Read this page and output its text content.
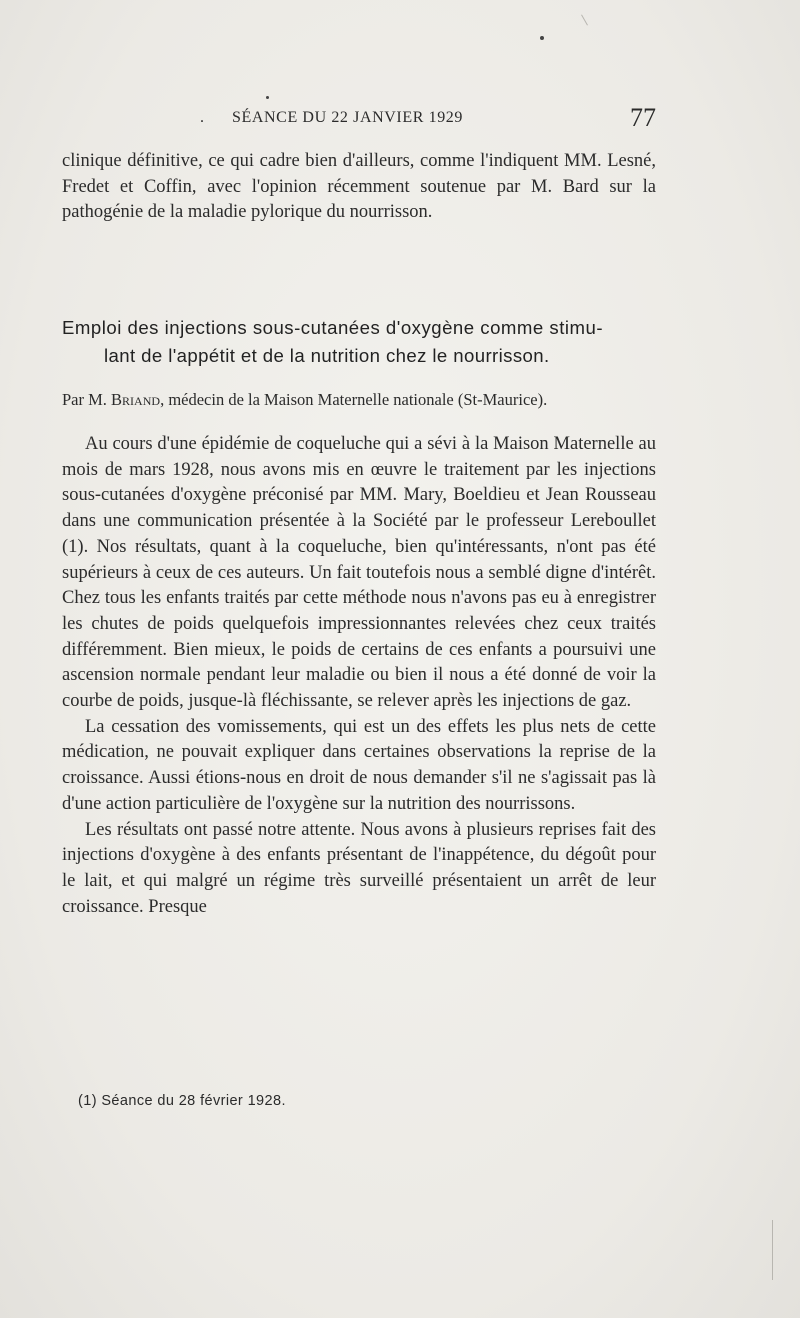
. SÉANCE DU 22 JANVIER 1929	77

clinique définitive, ce qui cadre bien d'ailleurs, comme l'indiquent MM. Lesné, Fredet et Coffin, avec l'opinion récemment soutenue par M. Bard sur la pathogénie de la maladie pylorique du nourrisson.

Emploi des injections sous-cutanées d'oxygène comme stimu-
lant de l'appétit et de la nutrition chez le nourrisson.
Par M. Briand, médecin de la Maison Maternelle nationale (St-Maurice).

Au cours d'une épidémie de coqueluche qui a sévi à la Maison Maternelle au mois de mars 1928, nous avons mis en œuvre le traitement par les injections sous-cutanées d'oxygène préconisé par MM. Mary, Boeldieu et Jean Rousseau dans une communication présentée à la Société par le professeur Lereboullet (1). Nos résultats, quant à la coqueluche, bien qu'intéressants, n'ont pas été supérieurs à ceux de ces auteurs. Un fait toutefois nous a semblé digne d'intérêt. Chez tous les enfants traités par cette méthode nous n'avons pas eu à enregistrer les chutes de poids quelquefois impressionnantes relevées chez ceux traités différemment. Bien mieux, le poids de certains de ces enfants a poursuivi une ascension normale pendant leur maladie ou bien il nous a été donné de voir la courbe de poids, jusque-là fléchissante, se relever après les injections de gaz.

La cessation des vomissements, qui est un des effets les plus nets de cette médication, ne pouvait expliquer dans certaines observations la reprise de la croissance. Aussi étions-nous en droit de nous demander s'il ne s'agissait pas là d'une action particulière de l'oxygène sur la nutrition des nourrissons.

Les résultats ont passé notre attente. Nous avons à plusieurs reprises fait des injections d'oxygène à des enfants présentant de l'inappétence, du dégoût pour le lait, et qui malgré un régime très surveillé présentaient un arrêt de leur croissance. Presque

(1) Séance du 28 février 1928.
